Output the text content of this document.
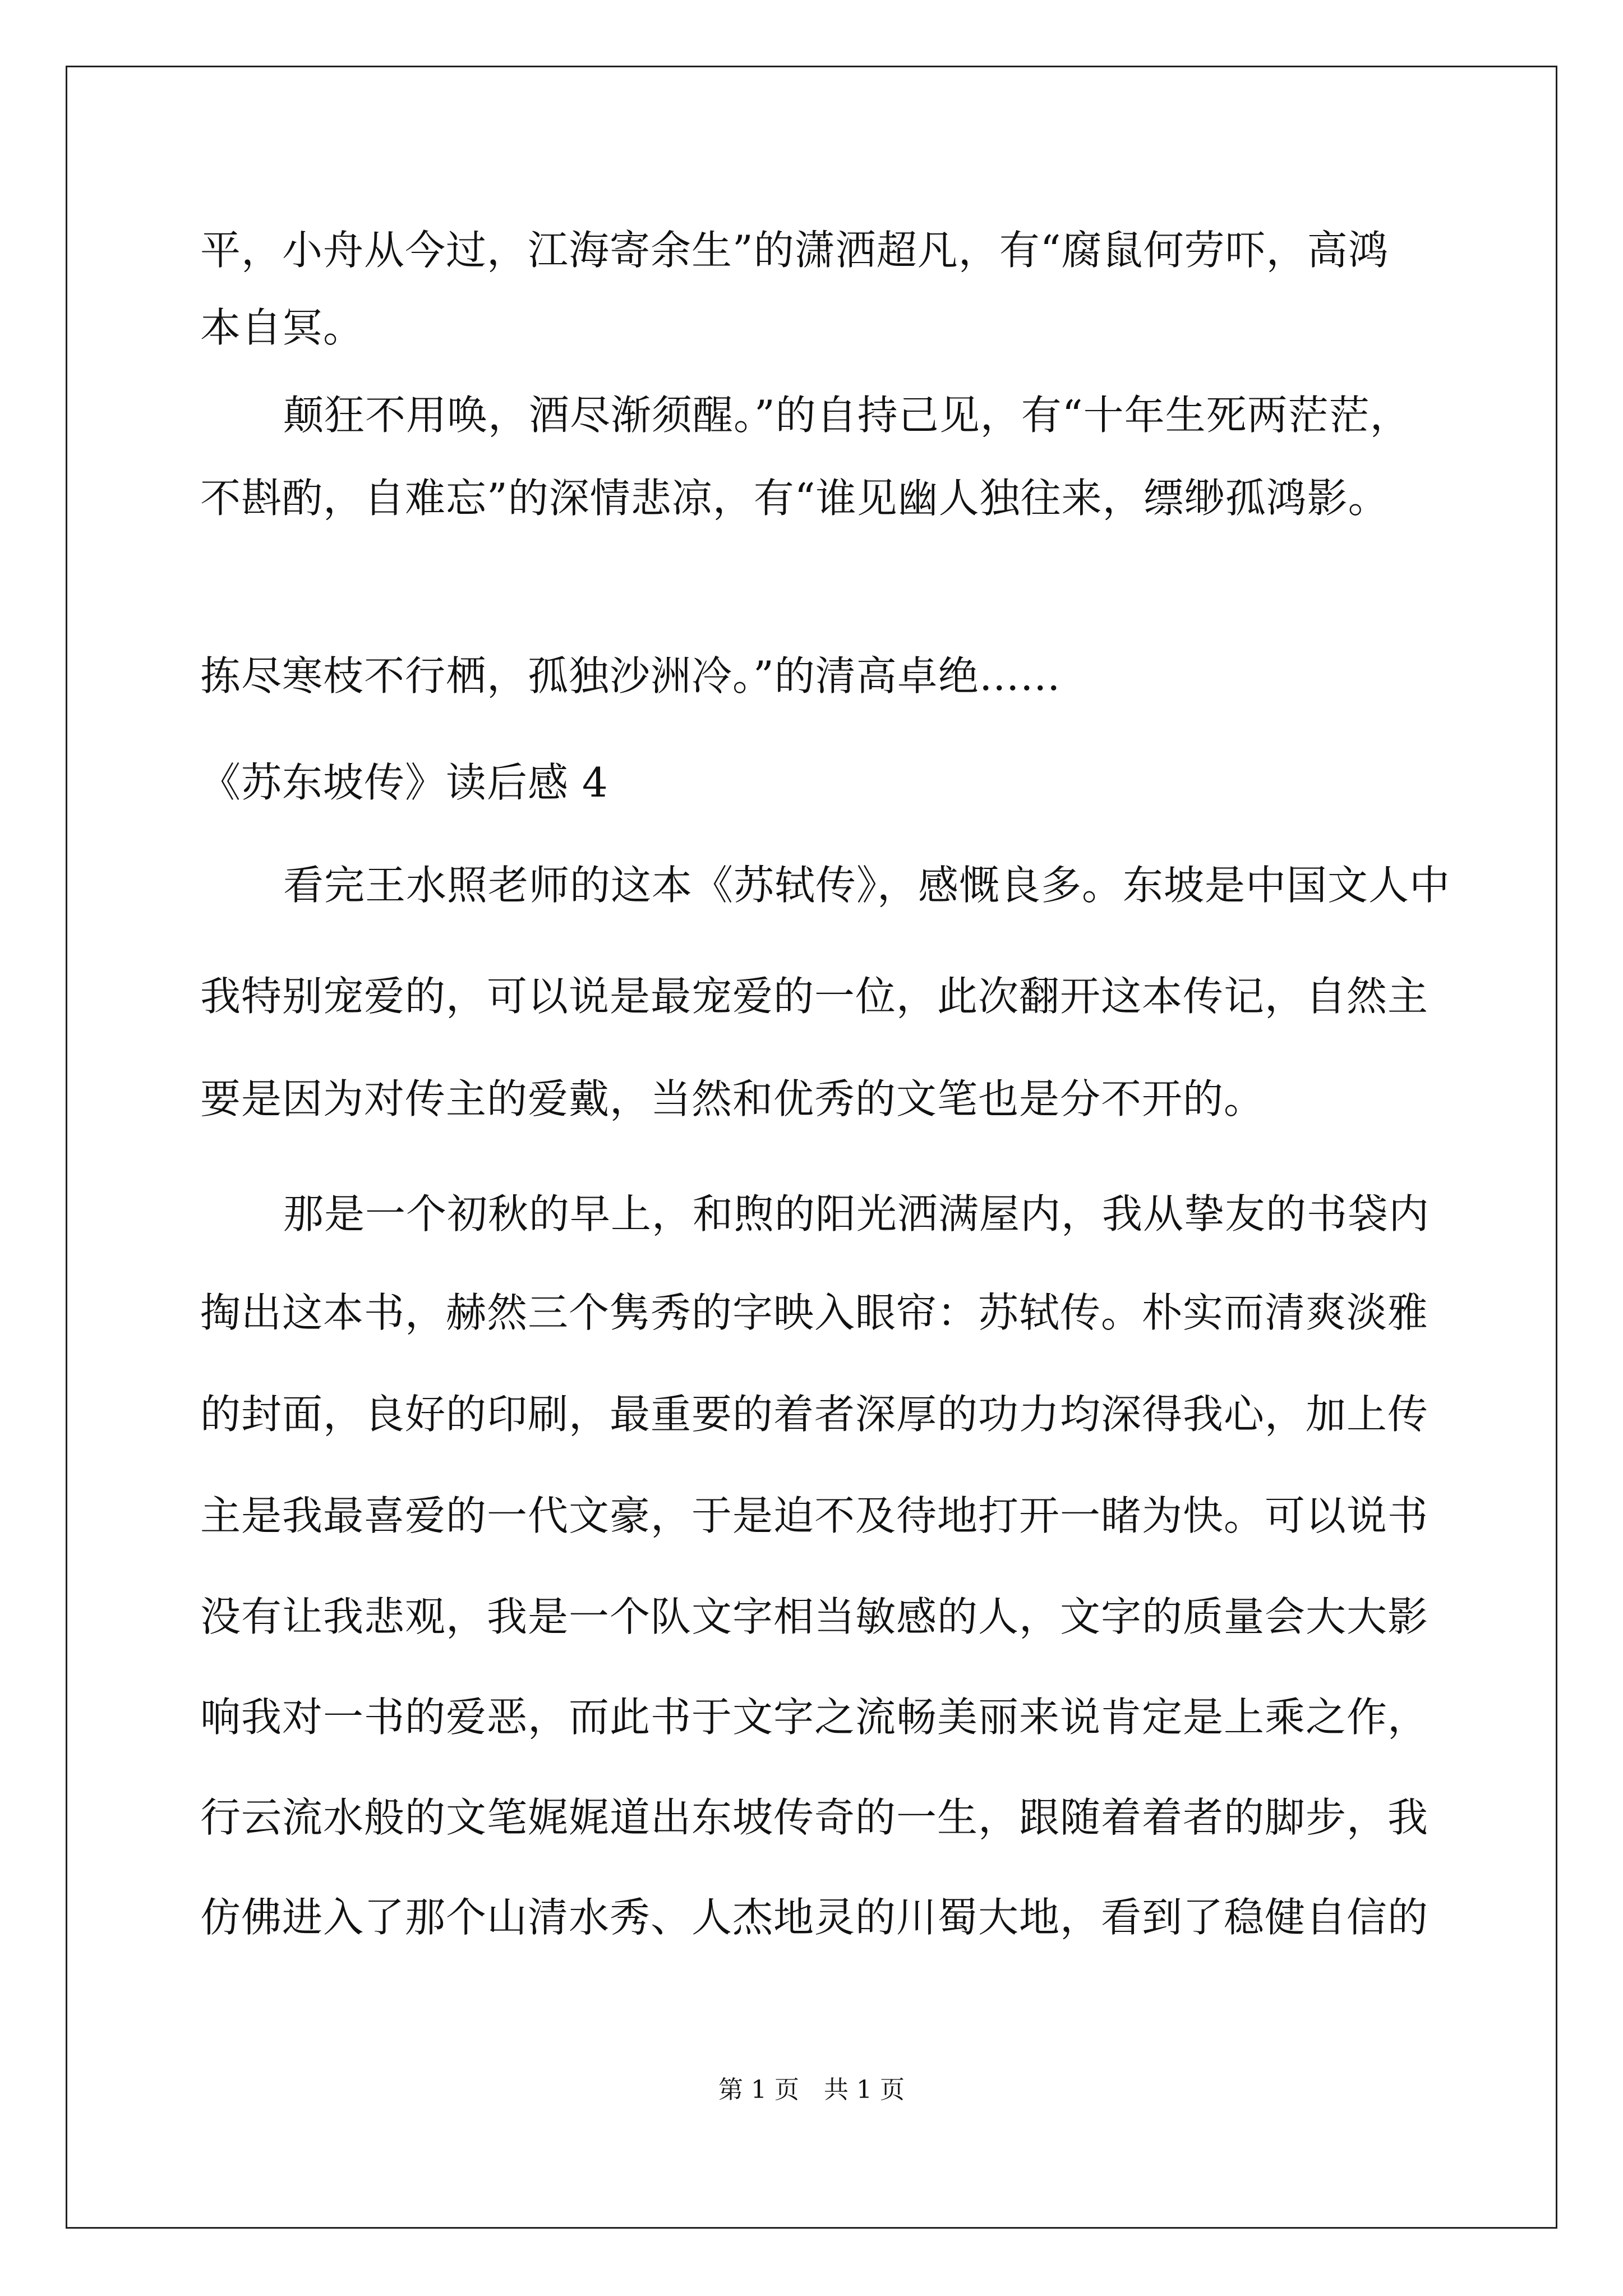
平，小舟从今过，江海寄余生”的潇洒超凡，有“腐鼠何劳吓，高鸿
本自冥。
颠狂不用唤，酒尽渐须醒。”的自持己见，有“十年生死两茫茫，
不斟酌，自难忘”的深情悲凉，有“谁见幽人独往来，缥缈孤鸿影。
拣尽寒枝不行栖，孤独沙洲冷。”的清高卓绝……
《苏东坡传》读后感 4
看完王水照老师的这本《苏轼传》，感慨良多。东坡是中国文人中
我特别宠爱的，可以说是最宠爱的一位，此次翻开这本传记，自然主
要是因为对传主的爱戴，当然和优秀的文笔也是分不开的。
那是一个初秋的早上，和煦的阳光洒满屋内，我从挚友的书袋内
掏出这本书，赫然三个隽秀的字映入眼帘：苏轼传。朴实而清爽淡雅
的封面，良好的印刷，最重要的着者深厚的功力均深得我心，加上传
主是我最喜爱的一代文豪，于是迫不及待地打开一睹为快。可以说书
没有让我悲观，我是一个队文字相当敏感的人，文字的质量会大大影
响我对一书的爱恶，而此书于文字之流畅美丽来说肯定是上乘之作，
行云流水般的文笔娓娓道出东坡传奇的一生，跟随着着者的脚步，我
仿佛进入了那个山清水秀、人杰地灵的川蜀大地，看到了稳健自信的
第 1 页　共 1 页
